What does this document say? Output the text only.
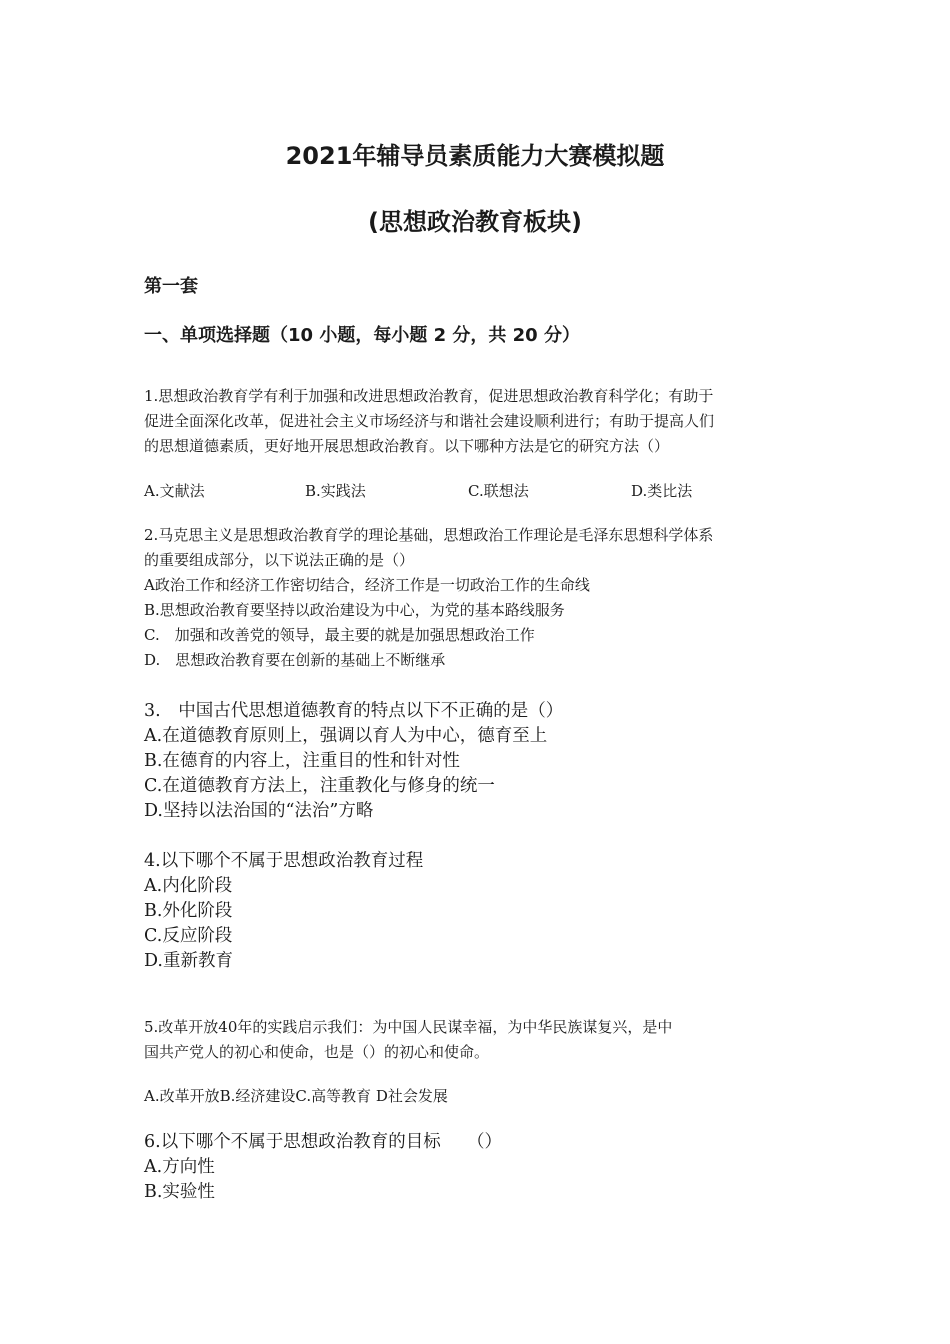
2021年辅导员素质能力大赛模拟题
(思想政治教育板块)
第一套
一、单项选择题（10 小题，每小题 2 分，共 20 分）

1.思想政治教育学有利于加强和改进思想政治教育，促进思想政治教育科学化；有助于

促进全面深化改革，促进社会主义市场经济与和谐社会建设顺利进行；有助于提高人们

的思想道德素质，更好地开展思想政治教育。以下哪种方法是它的研究方法（）

A.文献法	B.实践法	C.联想法	D.类比法

2.马克思主义是思想政治教育学的理论基础，思想政治工作理论是毛泽东思想科学体系

的重要组成部分，以下说法正确的是（）

A政治工作和经济工作密切结合，经济工作是一切政治工作的生命线

B.思想政治教育要坚持以政治建设为中心，为党的基本路线服务

C.　加强和改善党的领导，最主要的就是加强思想政治工作

D.　思想政治教育要在创新的基础上不断继承

3.　中国古代思想道德教育的特点以下不正确的是（）

A.在道德教育原则上，强调以育人为中心，德育至上

B.在德育的内容上，注重目的性和针对性

C.在道德教育方法上，注重教化与修身的统一

D.坚持以法治国的“法治”方略

4.以下哪个不属于思想政治教育过程

A.内化阶段

B.外化阶段

C.反应阶段

D.重新教育

5.改革开放40年的实践启示我们：为中国人民谋幸福，为中华民族谋复兴，是中

国共产党人的初心和使命，也是（）的初心和使命。

A.改革开放B.经济建设C.高等教育 D社会发展

6.以下哪个不属于思想政治教育的目标　　（）

A.方向性

B.实验性
